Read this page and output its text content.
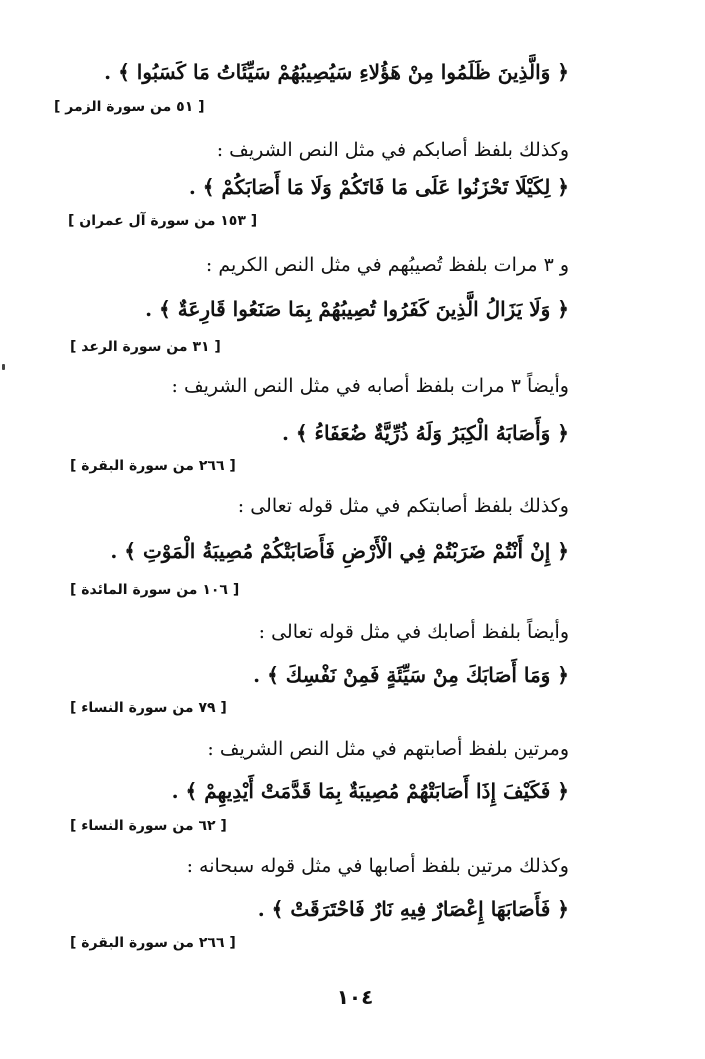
﴿ وَالَّذِينَ ظَلَمُوا مِنْ هَؤُلاءِ سَيُصِيبُهُمْ سَيِّئَاتُ مَا كَسَبُوا ﴾ .
[ ٥١ من سورة الزمر ]
وكذلك بلفظ أصابكم في مثل النص الشريف :
﴿ لِكَيْلَا تَحْزَنُوا عَلَى مَا فَاتَكُمْ وَلَا مَا أَصَابَكُمْ ﴾ .
[ ١٥٣ من سورة آل عمران ]
و ٣ مرات بلفظ تُصيبُهم في مثل النص الكريم :
﴿ وَلَا يَزَالُ الَّذِينَ كَفَرُوا تُصِيبُهُمْ بِمَا صَنَعُوا قَارِعَةٌ ﴾ .
[ ٣١ من سورة الرعد ]
وأيضاً ٣ مرات بلفظ أصابه في مثل النص الشريف :
﴿ وَأَصَابَهُ الْكِبَرُ وَلَهُ ذُرِّيَّةٌ ضُعَفَاءُ ﴾ .
[ ٢٦٦ من سورة البقرة ]
وكذلك بلفظ أصابتكم في مثل قوله تعالى :
﴿ إِنْ أَنْتُمْ ضَرَبْتُمْ فِي الْأَرْضِ فَأَصَابَتْكُمْ مُصِيبَةُ الْمَوْتِ ﴾ .
[ ١٠٦ من سورة المائدة ]
وأيضاً بلفظ أصابك في مثل قوله تعالى :
﴿ وَمَا أَصَابَكَ مِنْ سَيِّئَةٍ فَمِنْ نَفْسِكَ ﴾ .
[ ٧٩ من سورة النساء ]
ومرتين بلفظ أصابتهم في مثل النص الشريف :
﴿ فَكَيْفَ إِذَا أَصَابَتْهُمْ مُصِيبَةٌ بِمَا قَدَّمَتْ أَيْدِيهِمْ ﴾ .
[ ٦٢ من سورة النساء ]
وكذلك مرتين بلفظ أصابها في مثل قوله سبحانه :
﴿ فَأَصَابَهَا إِعْصَارٌ فِيهِ نَارٌ فَاحْتَرَقَتْ ﴾ .
[ ٢٦٦ من سورة البقرة ]
١٠٤
